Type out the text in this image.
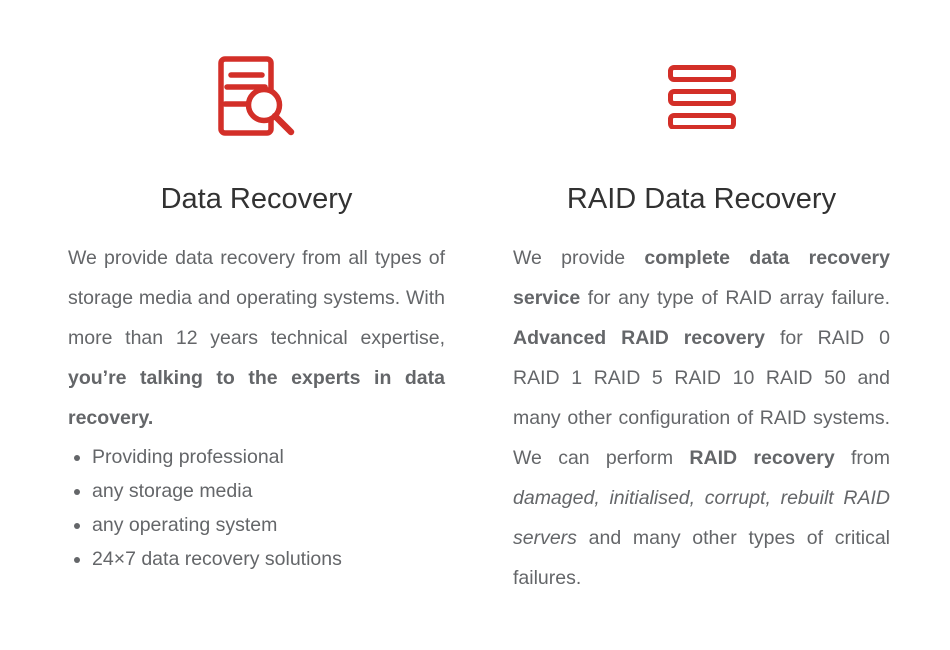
Data Recovery

We provide data recovery from all types of storage media and operating systems. With more than 12 years technical expertise, you’re talking to the experts in data recovery.

• Providing professional
• any storage media
• any operating system
• 24×7 data recovery solutions
RAID Data Recovery

We provide complete data recovery service for any type of RAID array failure. Advanced RAID recovery for RAID 0 RAID 1 RAID 5 RAID 10 RAID 50 and many other configuration of RAID systems. We can perform RAID recovery from damaged, initialised, corrupt, rebuilt RAID servers and many other types of critical failures.
